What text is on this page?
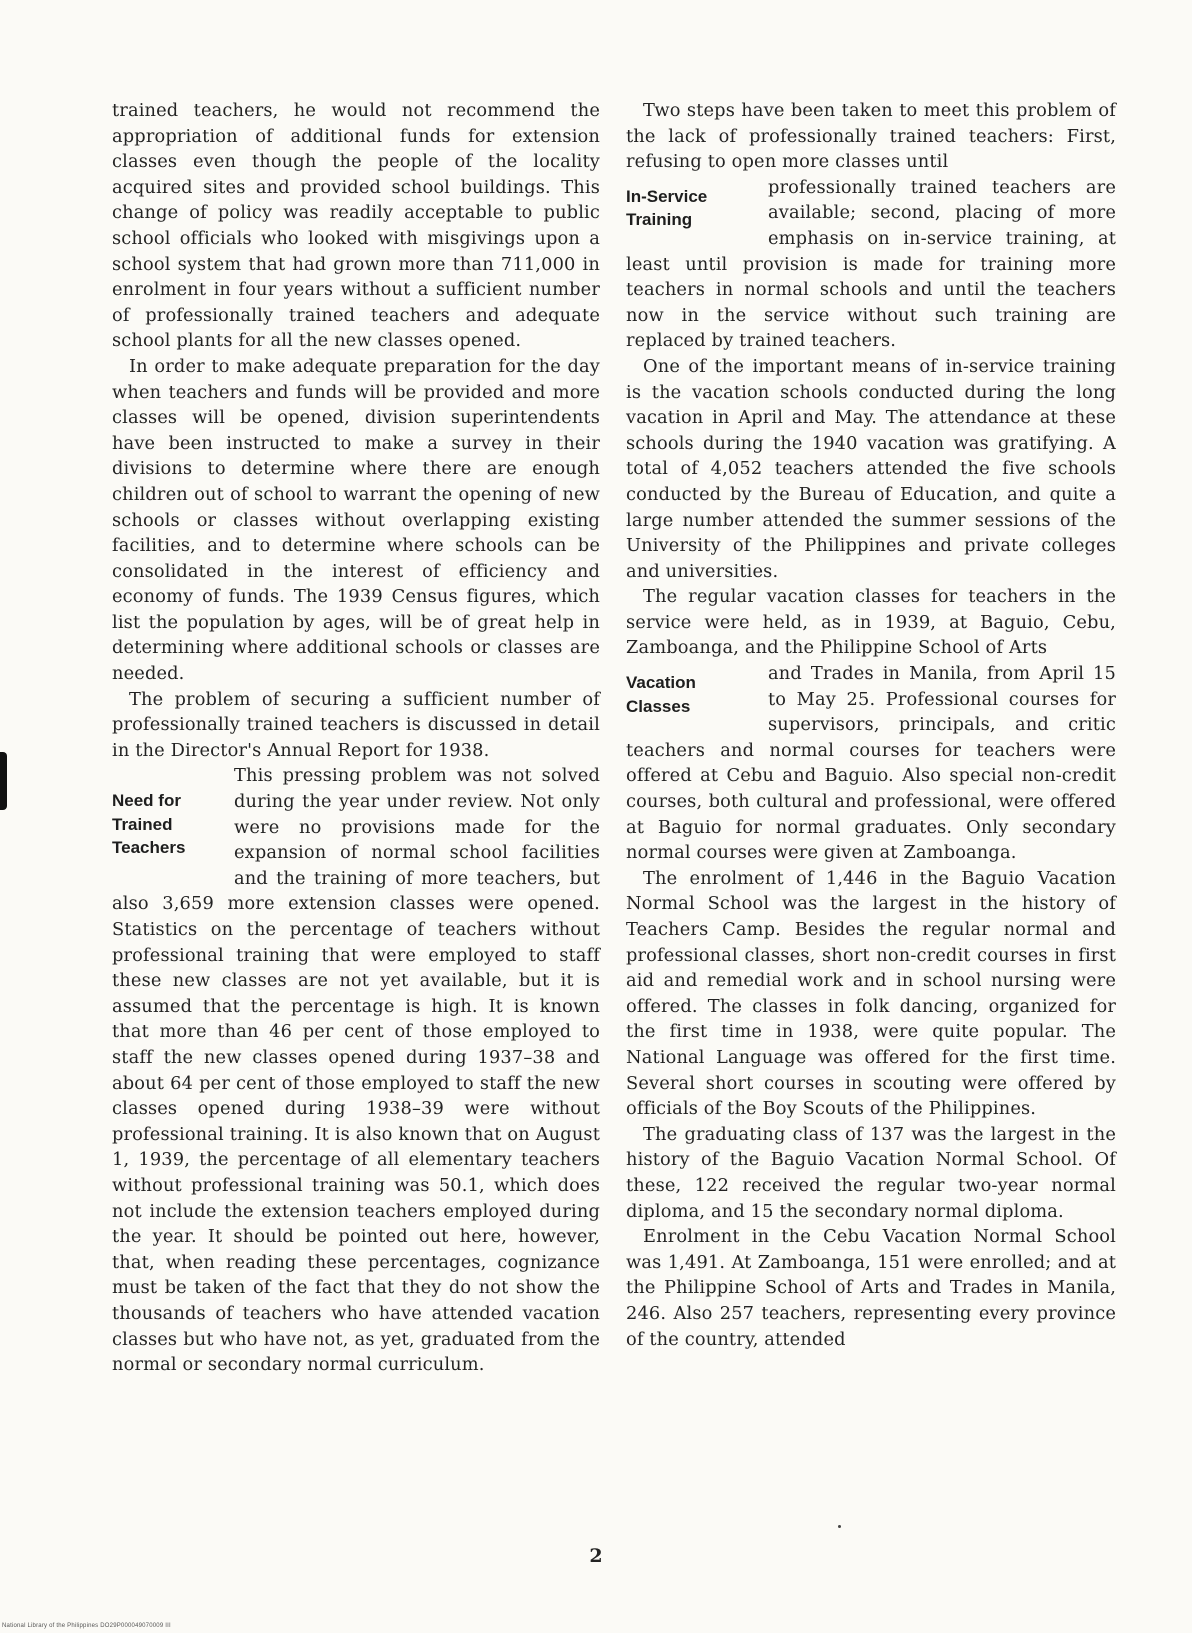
trained teachers, he would not recommend the appropriation of additional funds for extension classes even though the people of the locality acquired sites and provided school buildings. This change of policy was readily acceptable to public school officials who looked with misgivings upon a school system that had grown more than 711,000 in enrolment in four years without a sufficient number of professionally trained teachers and adequate school plants for all the new classes opened.

In order to make adequate preparation for the day when teachers and funds will be provided and more classes will be opened, division superintendents have been instructed to make a survey in their divisions to determine where there are enough children out of school to warrant the opening of new schools or classes without overlapping existing facilities, and to determine where schools can be consolidated in the interest of efficiency and economy of funds. The 1939 Census figures, which list the population by ages, will be of great help in determining where additional schools or classes are needed.

The problem of securing a sufficient number of professionally trained teachers is discussed in detail in the Director's Annual Report for 1938.

Need for Trained Teachers

This pressing problem was not solved during the year under review. Not only were no provisions made for the expansion of normal school facilities and the training of more teachers, but also 3,659 more extension classes were opened. Statistics on the percentage of teachers without professional training that were employed to staff these new classes are not yet available, but it is assumed that the percentage is high. It is known that more than 46 per cent of those employed to staff the new classes opened during 1937–38 and about 64 per cent of those employed to staff the new classes opened during 1938–39 were without professional training. It is also known that on August 1, 1939, the percentage of all elementary teachers without professional training was 50.1, which does not include the extension teachers employed during the year. It should be pointed out here, however, that, when reading these percentages, cognizance must be taken of the fact that they do not show the thousands of teachers who have attended vacation classes but who have not, as yet, graduated from the normal or secondary normal curriculum.

Two steps have been taken to meet this problem of the lack of professionally trained teachers: First, refusing to open more classes until

In-Service Training

professionally trained teachers are available; second, placing of more emphasis on in-service training, at least until provision is made for training more teachers in normal schools and until the teachers now in the service without such training are replaced by trained teachers.

One of the important means of in-service training is the vacation schools conducted during the long vacation in April and May. The attendance at these schools during the 1940 vacation was gratifying. A total of 4,052 teachers attended the five schools conducted by the Bureau of Education, and quite a large number attended the summer sessions of the University of the Philippines and private colleges and universities.

The regular vacation classes for teachers in the service were held, as in 1939, at Baguio, Cebu, Zamboanga, and the Philippine School of Arts

Vacation Classes

and Trades in Manila, from April 15 to May 25. Professional courses for supervisors, principals, and critic teachers and normal courses for teachers were offered at Cebu and Baguio. Also special non-credit courses, both cultural and professional, were offered at Baguio for normal graduates. Only secondary normal courses were given at Zamboanga.

The enrolment of 1,446 in the Baguio Vacation Normal School was the largest in the history of Teachers Camp. Besides the regular normal and professional classes, short non-credit courses in first aid and remedial work and in school nursing were offered. The classes in folk dancing, organized for the first time in 1938, were quite popular. The National Language was offered for the first time. Several short courses in scouting were offered by officials of the Boy Scouts of the Philippines.

The graduating class of 137 was the largest in the history of the Baguio Vacation Normal School. Of these, 122 received the regular two-year normal diploma, and 15 the secondary normal diploma.

Enrolment in the Cebu Vacation Normal School was 1,491. At Zamboanga, 151 were enrolled; and at the Philippine School of Arts and Trades in Manila, 246. Also 257 teachers, representing every province of the country, attended

2
National Library of the Philippines DO29P000049070009 III
